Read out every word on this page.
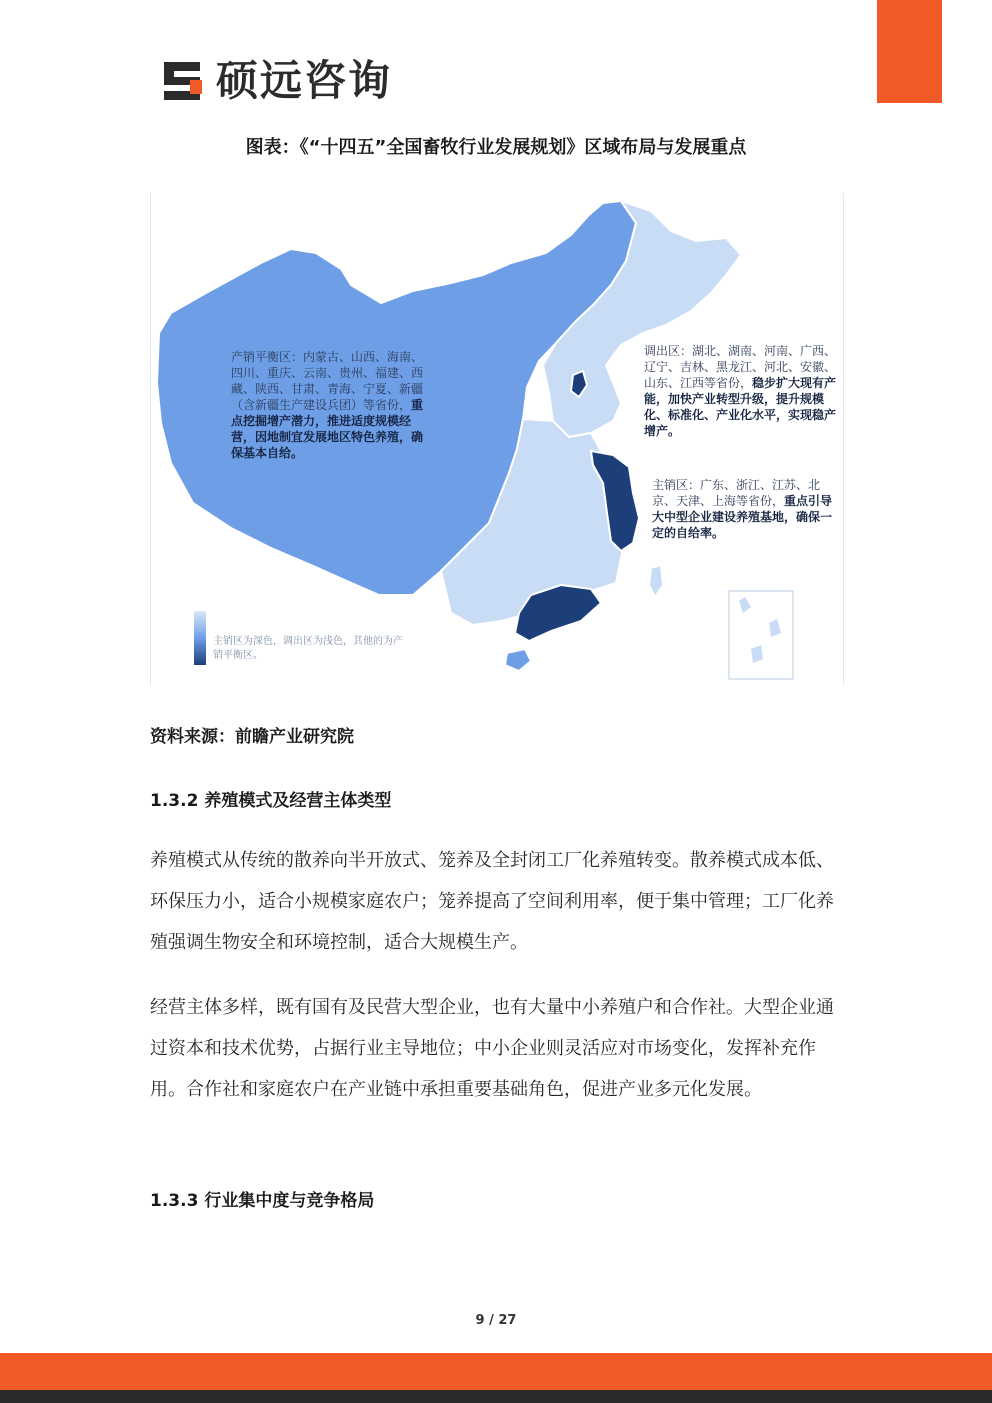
硕远咨询
图表：《“十四五”全国畜牧行业发展规划》区域布局与发展重点
产销平衡区：内蒙古、山西、海南、四川、重庆、云南、贵州、福建、西藏、陕西、甘肃、青海、宁夏、新疆（含新疆生产建设兵团）等省份，重点挖掘增产潜力，推进适度规模经营，因地制宜发展地区特色养殖，确保基本自给。
调出区：湖北、湖南、河南、广西、辽宁、吉林、黑龙江、河北、安徽、山东、江西等省份，稳步扩大现有产能，加快产业转型升级，提升规模化、标准化、产业化水平，实现稳产增产。
主销区：广东、浙江、江苏、北京、天津、上海等省份，重点引导大中型企业建设养殖基地，确保一定的自给率。
主销区为深色，调出区为浅色，其他的为产销平衡区。
资料来源：前瞻产业研究院
1.3.2 养殖模式及经营主体类型
养殖模式从传统的散养向半开放式、笼养及全封闭工厂化养殖转变。散养模式成本低、环保压力小，适合小规模家庭农户；笼养提高了空间利用率，便于集中管理；工厂化养殖强调生物安全和环境控制，适合大规模生产。
经营主体多样，既有国有及民营大型企业，也有大量中小养殖户和合作社。大型企业通过资本和技术优势，占据行业主导地位；中小企业则灵活应对市场变化，发挥补充作用。合作社和家庭农户在产业链中承担重要基础角色，促进产业多元化发展。
1.3.3 行业集中度与竞争格局
9 / 27
